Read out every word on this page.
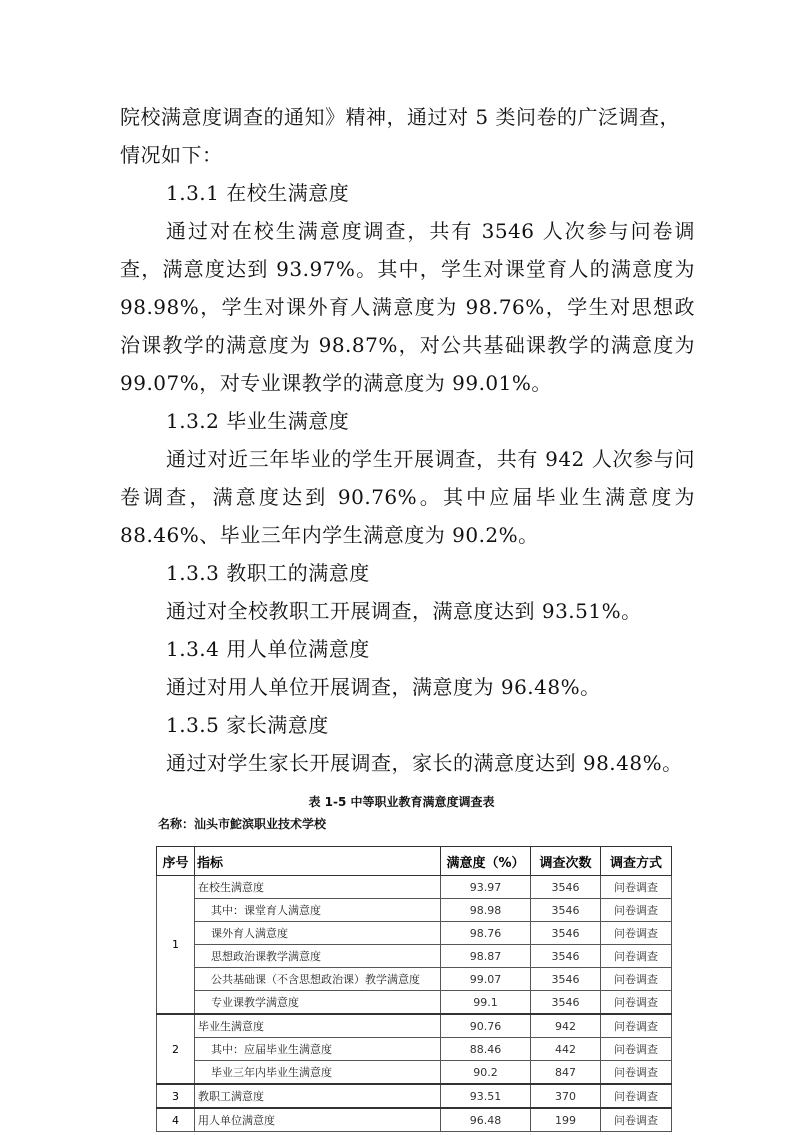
院校满意度调查的通知》精神，通过对 5 类问卷的广泛调查，
情况如下：

1.3.1 在校生满意度

通过对在校生满意度调查，共有 3546 人次参与问卷调查，满意度达到 93.97%。其中，学生对课堂育人的满意度为 98.98%，学生对课外育人满意度为 98.76%，学生对思想政治课教学的满意度为 98.87%，对公共基础课教学的满意度为 99.07%，对专业课教学的满意度为 99.01%。

1.3.2 毕业生满意度

通过对近三年毕业的学生开展调查，共有 942 人次参与问卷调查，满意度达到 90.76%。其中应届毕业生满意度为 88.46%、毕业三年内学生满意度为 90.2%。

1.3.3 教职工的满意度

通过对全校教职工开展调查，满意度达到 93.51%。

1.3.4 用人单位满意度

通过对用人单位开展调查，满意度为 96.48%。

1.3.5 家长满意度

通过对学生家长开展调查，家长的满意度达到 98.48%。

表 1-5 中等职业教育满意度调查表
名称：汕头市鮀滨职业技术学校
序号	指标	满意度（%）	调查次数	调查方式
1	在校生满意度	93.97	3546	问卷调查
	其中：课堂育人满意度	98.98	3546	问卷调查
	课外育人满意度	98.76	3546	问卷调查
	思想政治课教学满意度	98.87	3546	问卷调查
	公共基础课（不含思想政治课）教学满意度	99.07	3546	问卷调查
	专业课教学满意度	99.1	3546	问卷调查
2	毕业生满意度	90.76	942	问卷调查
	其中：应届毕业生满意度	88.46	442	问卷调查
	毕业三年内毕业生满意度	90.2	847	问卷调查
3	教职工满意度	93.51	370	问卷调查
4	用人单位满意度	96.48	199	问卷调查
